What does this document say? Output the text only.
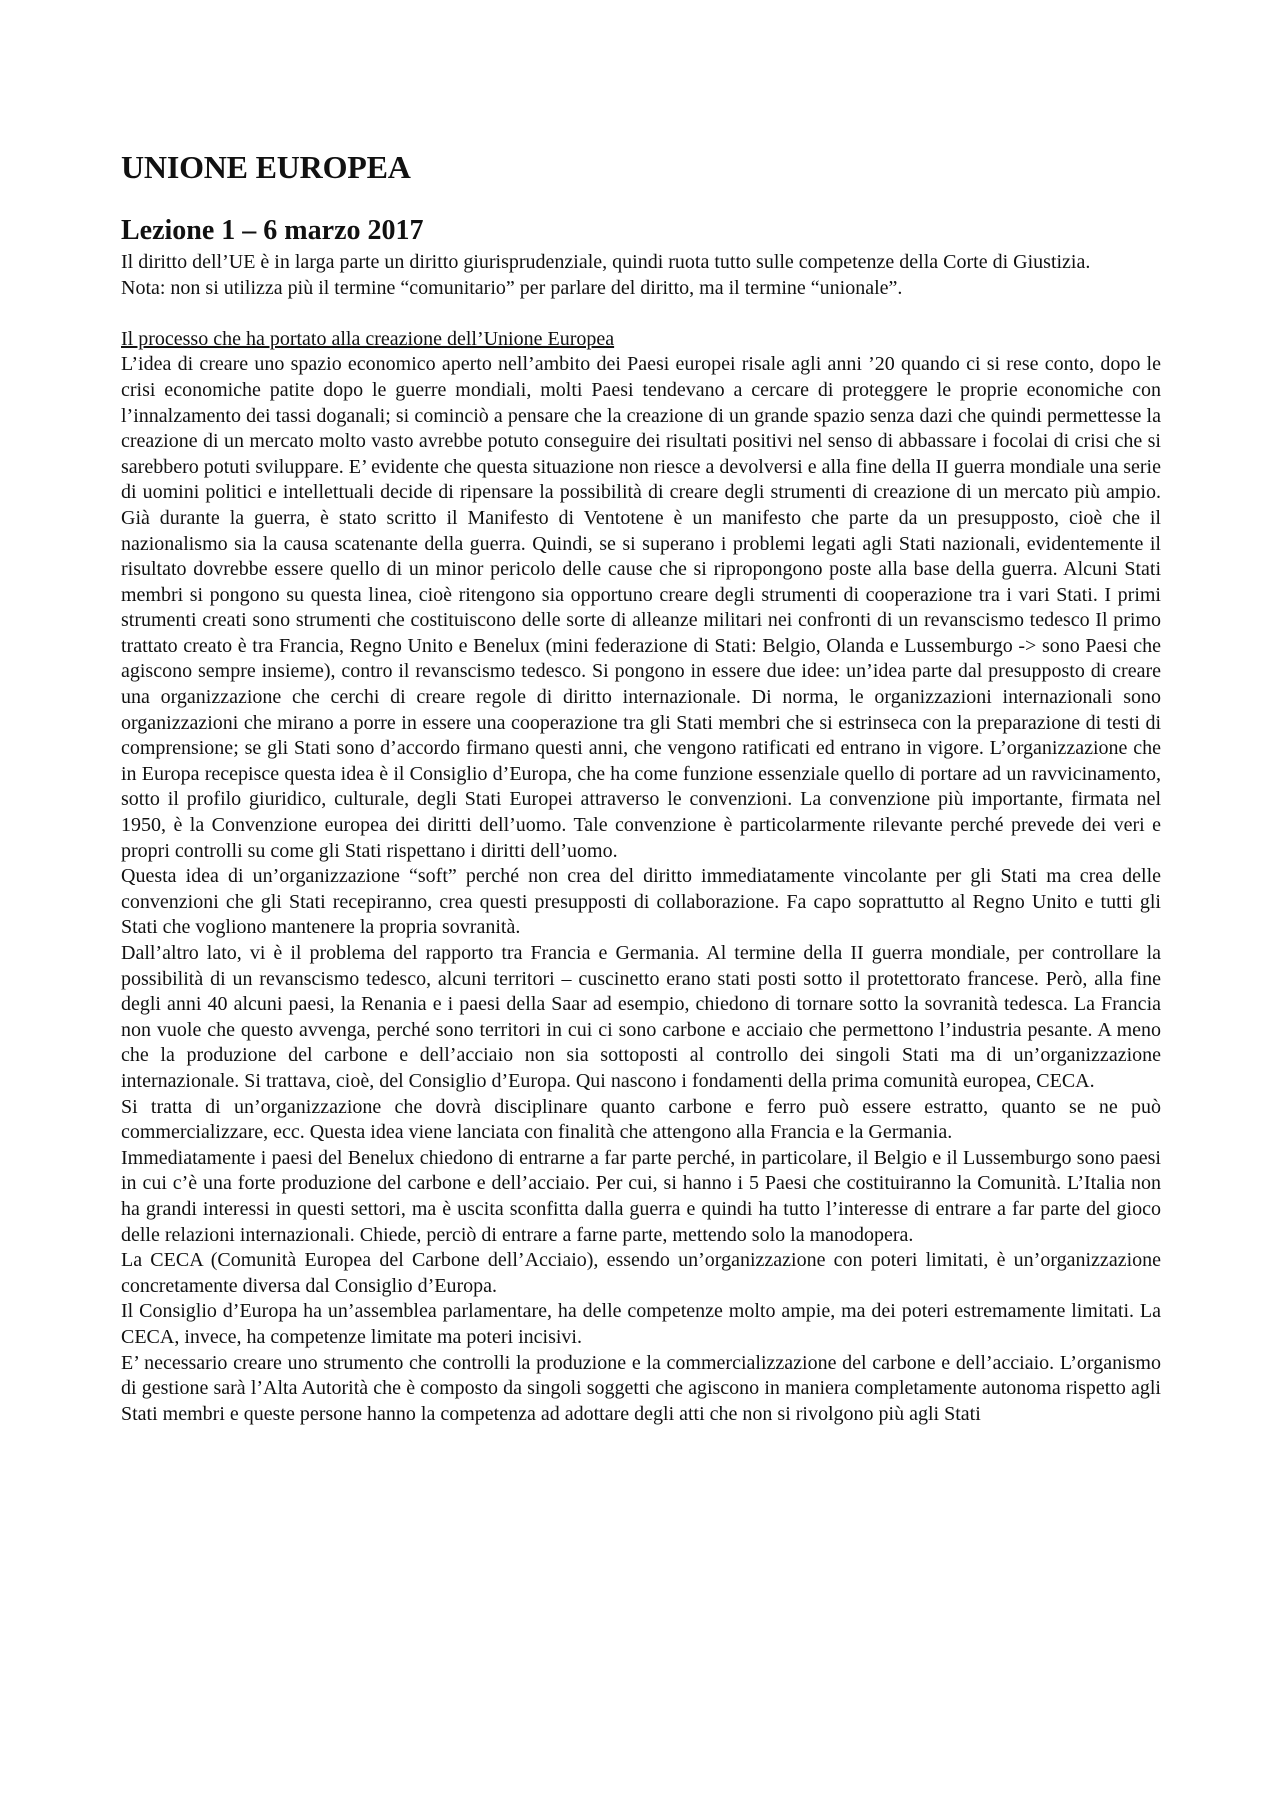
UNIONE EUROPEA
Lezione 1 – 6 marzo 2017

Il diritto dell’UE è in larga parte un diritto giurisprudenziale, quindi ruota tutto sulle competenze della Corte di Giustizia.

Nota: non si utilizza più il termine “comunitario” per parlare del diritto, ma il termine “unionale”.

Il processo che ha portato alla creazione dell’Unione Europea

L’idea di creare uno spazio economico aperto nell’ambito dei Paesi europei risale agli anni ’20 quando ci si rese conto, dopo le crisi economiche patite dopo le guerre mondiali, molti Paesi tendevano a cercare di proteggere le proprie economiche con l’innalzamento dei tassi doganali; si cominciò a pensare che la creazione di un grande spazio senza dazi che quindi permettesse la creazione di un mercato molto vasto avrebbe potuto conseguire dei risultati positivi nel senso di abbassare i focolai di crisi che si sarebbero potuti sviluppare. E’ evidente che questa situazione non riesce a devolversi e alla fine della II guerra mondiale una serie di uomini politici e intellettuali decide di ripensare la possibilità di creare degli strumenti di creazione di un mercato più ampio. Già durante la guerra, è stato scritto il Manifesto di Ventotene è un manifesto che parte da un presupposto, cioè che il nazionalismo sia la causa scatenante della guerra. Quindi, se si superano i problemi legati agli Stati nazionali, evidentemente il risultato dovrebbe essere quello di un minor pericolo delle cause che si ripropongono poste alla base della guerra. Alcuni Stati membri si pongono su questa linea, cioè ritengono sia opportuno creare degli strumenti di cooperazione tra i vari Stati. I primi strumenti creati sono strumenti che costituiscono delle sorte di alleanze militari nei confronti di un revanscismo tedesco Il primo trattato creato è tra Francia, Regno Unito e Benelux (mini federazione di Stati: Belgio, Olanda e Lussemburgo -> sono Paesi che agiscono sempre insieme), contro il revanscismo tedesco. Si pongono in essere due idee: un’idea parte dal presupposto di creare una organizzazione che cerchi di creare regole di diritto internazionale. Di norma, le organizzazioni internazionali sono organizzazioni che mirano a porre in essere una cooperazione tra gli Stati membri che si estrinseca con la preparazione di testi di comprensione; se gli Stati sono d’accordo firmano questi anni, che vengono ratificati ed entrano in vigore. L’organizzazione che in Europa recepisce questa idea è il Consiglio d’Europa, che ha come funzione essenziale quello di portare ad un ravvicinamento, sotto il profilo giuridico, culturale, degli Stati Europei attraverso le convenzioni. La convenzione più importante, firmata nel 1950, è la Convenzione europea dei diritti dell’uomo. Tale convenzione è particolarmente rilevante perché prevede dei veri e propri controlli su come gli Stati rispettano i diritti dell’uomo.

Questa idea di un’organizzazione “soft” perché non crea del diritto immediatamente vincolante per gli Stati ma crea delle convenzioni che gli Stati recepiranno, crea questi presupposti di collaborazione. Fa capo soprattutto al Regno Unito e tutti gli Stati che vogliono mantenere la propria sovranità.

Dall’altro lato, vi è il problema del rapporto tra Francia e Germania. Al termine della II guerra mondiale, per controllare la possibilità di un revanscismo tedesco, alcuni territori – cuscinetto erano stati posti sotto il protettorato francese. Però, alla fine degli anni 40 alcuni paesi, la Renania e i paesi della Saar ad esempio, chiedono di tornare sotto la sovranità tedesca. La Francia non vuole che questo avvenga, perché sono territori in cui ci sono carbone e acciaio che permettono l’industria pesante. A meno che la produzione del carbone e dell’acciaio non sia sottoposti al controllo dei singoli Stati ma di un’organizzazione internazionale. Si trattava, cioè, del Consiglio d’Europa. Qui nascono i fondamenti della prima comunità europea, CECA.

Si tratta di un’organizzazione che dovrà disciplinare quanto carbone e ferro può essere estratto, quanto se ne può commercializzare, ecc. Questa idea viene lanciata con finalità che attengono alla Francia e la Germania.

Immediatamente i paesi del Benelux chiedono di entrarne a far parte perché, in particolare, il Belgio e il Lussemburgo sono paesi in cui c’è una forte produzione del carbone e dell’acciaio. Per cui, si hanno i 5 Paesi che costituiranno la Comunità. L’Italia non ha grandi interessi in questi settori, ma è uscita sconfitta dalla guerra e quindi ha tutto l’interesse di entrare a far parte del gioco delle relazioni internazionali. Chiede, perciò di entrare a farne parte, mettendo solo la manodopera.

La CECA (Comunità Europea del Carbone dell’Acciaio), essendo un’organizzazione con poteri limitati, è un’organizzazione concretamente diversa dal Consiglio d’Europa.

Il Consiglio d’Europa ha un’assemblea parlamentare, ha delle competenze molto ampie, ma dei poteri estremamente limitati. La CECA, invece, ha competenze limitate ma poteri incisivi.

E’ necessario creare uno strumento che controlli la produzione e la commercializzazione del carbone e dell’acciaio. L’organismo di gestione sarà l’Alta Autorità che è composto da singoli soggetti che agiscono in maniera completamente autonoma rispetto agli Stati membri e queste persone hanno la competenza ad adottare degli atti che non si rivolgono più agli Stati
